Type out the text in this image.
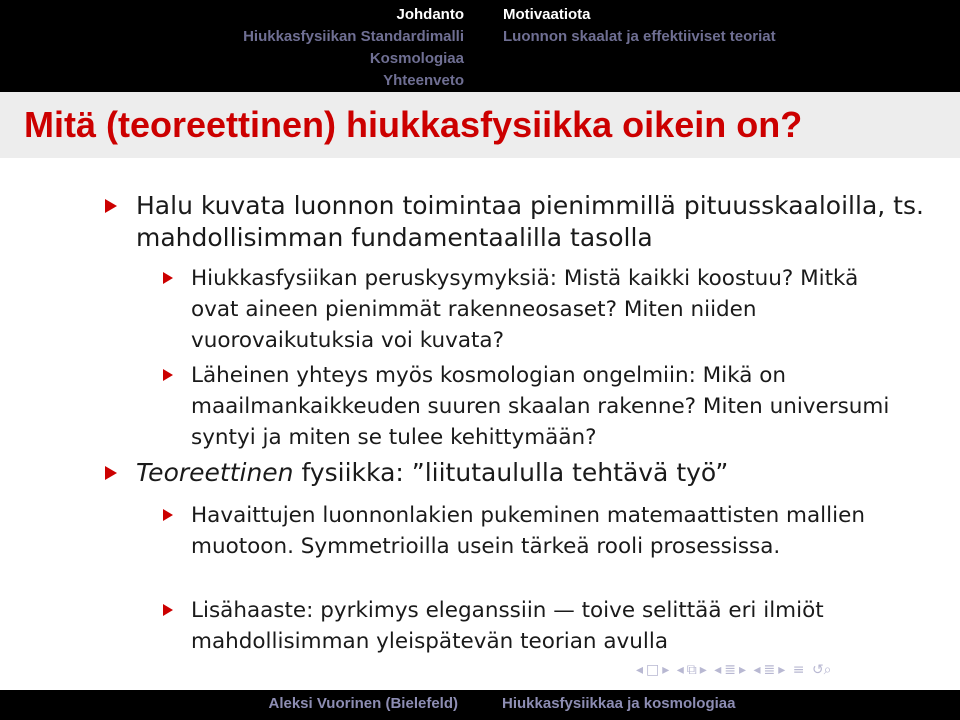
Johdanto
Hiukkasfysiikan Standardimalli
Kosmologiaa
Yhteenveto
Motivaatiota
Luonnon skaalat ja effektiiviset teoriat
Mitä (teoreettinen) hiukkasfysiikka oikein on?
Halu kuvata luonnon toimintaa pienimmillä pituusskaaloilla, ts. mahdollisimman fundamentaalilla tasolla
Hiukkasfysiikan peruskysymyksiä: Mistä kaikki koostuu? Mitkä ovat aineen pienimmät rakenneosaset? Miten niiden vuorovaikutuksia voi kuvata?
Läheinen yhteys myös kosmologian ongelmiin: Mikä on maailmankaikkeuden suuren skaalan rakenne? Miten universumi syntyi ja miten se tulee kehittymään?
Teoreettinen fysiikka: ”liitutaululla tehtävä työ”
Havaittujen luonnonlakien pukeminen matemaattisten mallien muotoon. Symmetrioilla usein tärkeä rooli prosessissa.
Lisähaaste: pyrkimys eleganssiin — toive selittää eri ilmiöt mahdollisimman yleispätevän teorian avulla
◂ □ ▸ ◂ ⧉ ▸ ◂ ≣ ▸ ◂ ≣ ▸ ≡ ↺⌕
Aleksi Vuorinen (Bielefeld)	Hiukkasfysiikkaa ja kosmologiaa
